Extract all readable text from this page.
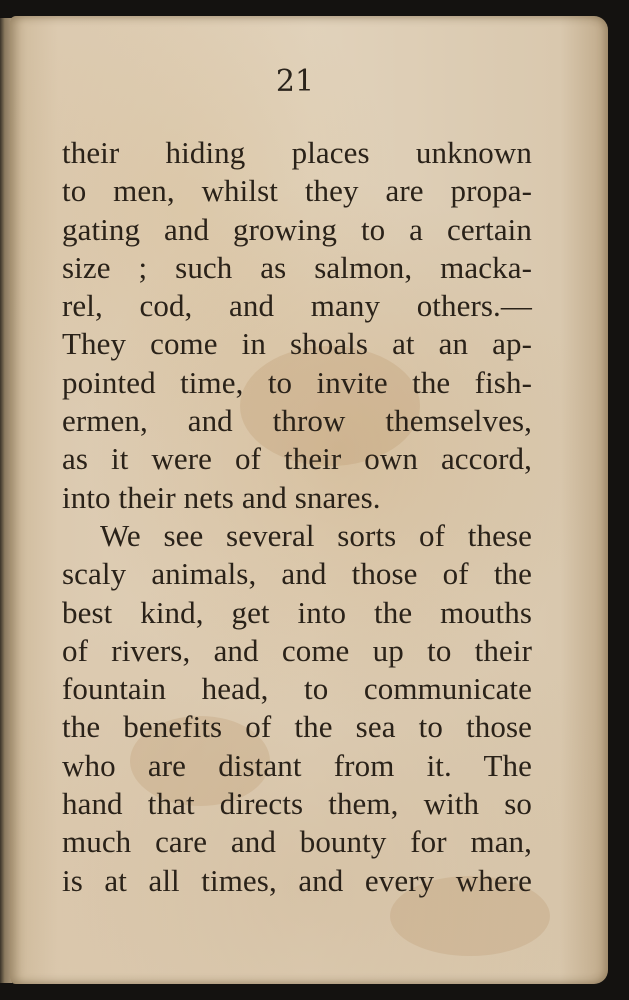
21
their hiding places unknown
to men, whilst they are propa-
gating and growing to a certain
size ; such as salmon, macka-
rel, cod, and many others.—
They come in shoals at an ap-
pointed time, to invite the fish-
ermen, and throw themselves,
as it were of their own accord,
into their nets and snares.
We see several sorts of these
scaly animals, and those of the
best kind, get into the mouths
of rivers, and come up to their
fountain head, to communicate
the benefits of the sea to those
who are distant from it. The
hand that directs them, with so
much care and bounty for man,
is at all times, and every where
